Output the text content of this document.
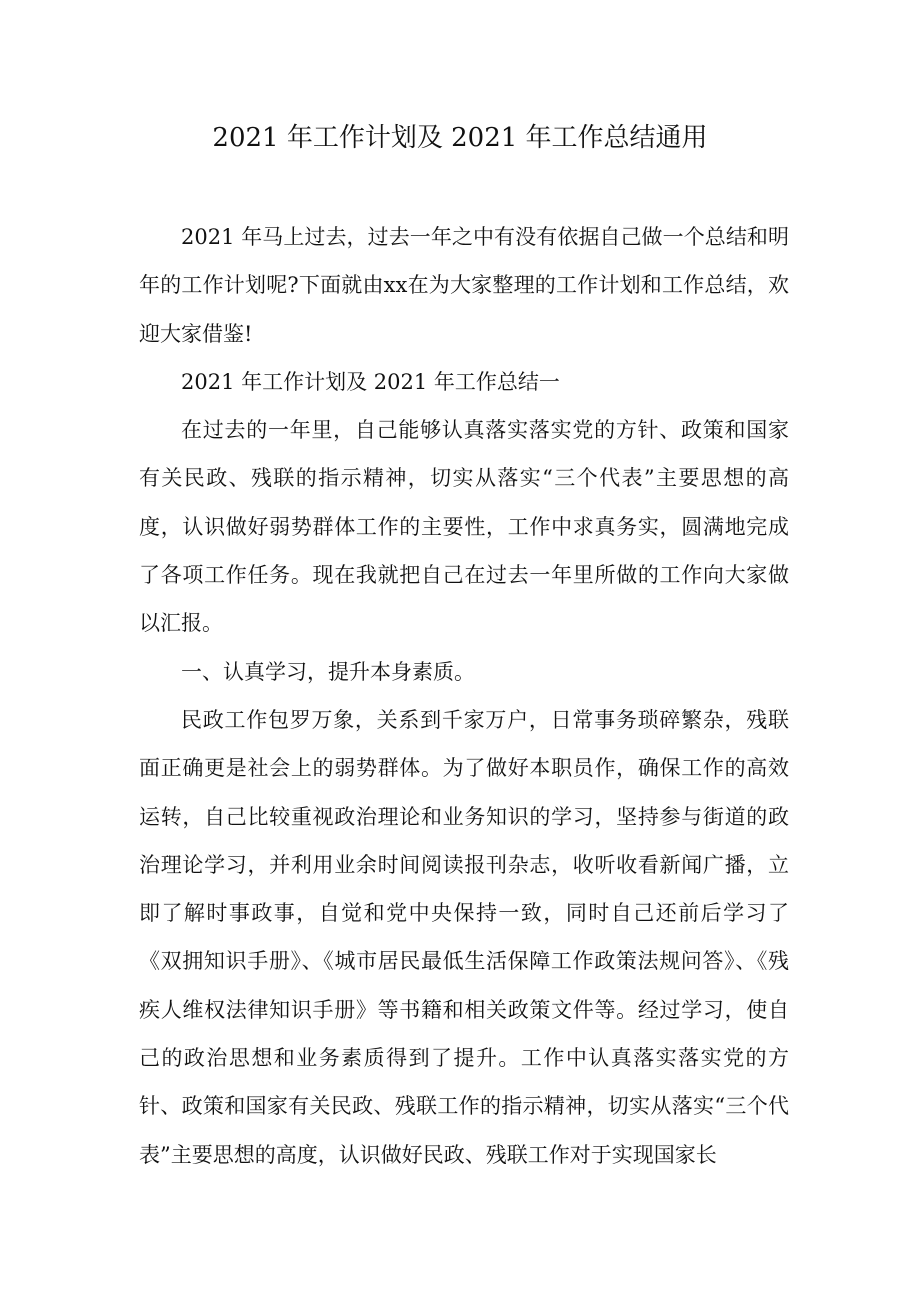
2021 年工作计划及 2021 年工作总结通用

2021 年马上过去，过去一年之中有没有依据自己做一个总结和明年的工作计划呢?下面就由xx在为大家整理的工作计划和工作总结，欢迎大家借鉴!

2021 年工作计划及 2021 年工作总结一

在过去的一年里，自己能够认真落实落实党的方针、政策和国家有关民政、残联的指示精神，切实从落实“三个代表”主要思想的高度，认识做好弱势群体工作的主要性，工作中求真务实，圆满地完成了各项工作任务。现在我就把自己在过去一年里所做的工作向大家做以汇报。

一、认真学习，提升本身素质。

民政工作包罗万象，关系到千家万户，日常事务琐碎繁杂，残联面正确更是社会上的弱势群体。为了做好本职员作，确保工作的高效运转，自己比较重视政治理论和业务知识的学习，坚持参与街道的政治理论学习，并利用业余时间阅读报刊杂志，收听收看新闻广播，立即了解时事政事，自觉和党中央保持一致，同时自己还前后学习了《双拥知识手册》、《城市居民最低生活保障工作政策法规问答》、《残疾人维权法律知识手册》等书籍和相关政策文件等。经过学习，使自己的政治思想和业务素质得到了提升。工作中认真落实落实党的方针、政策和国家有关民政、残联工作的指示精神，切实从落实“三个代表”主要思想的高度，认识做好民政、残联工作对于实现国家长
